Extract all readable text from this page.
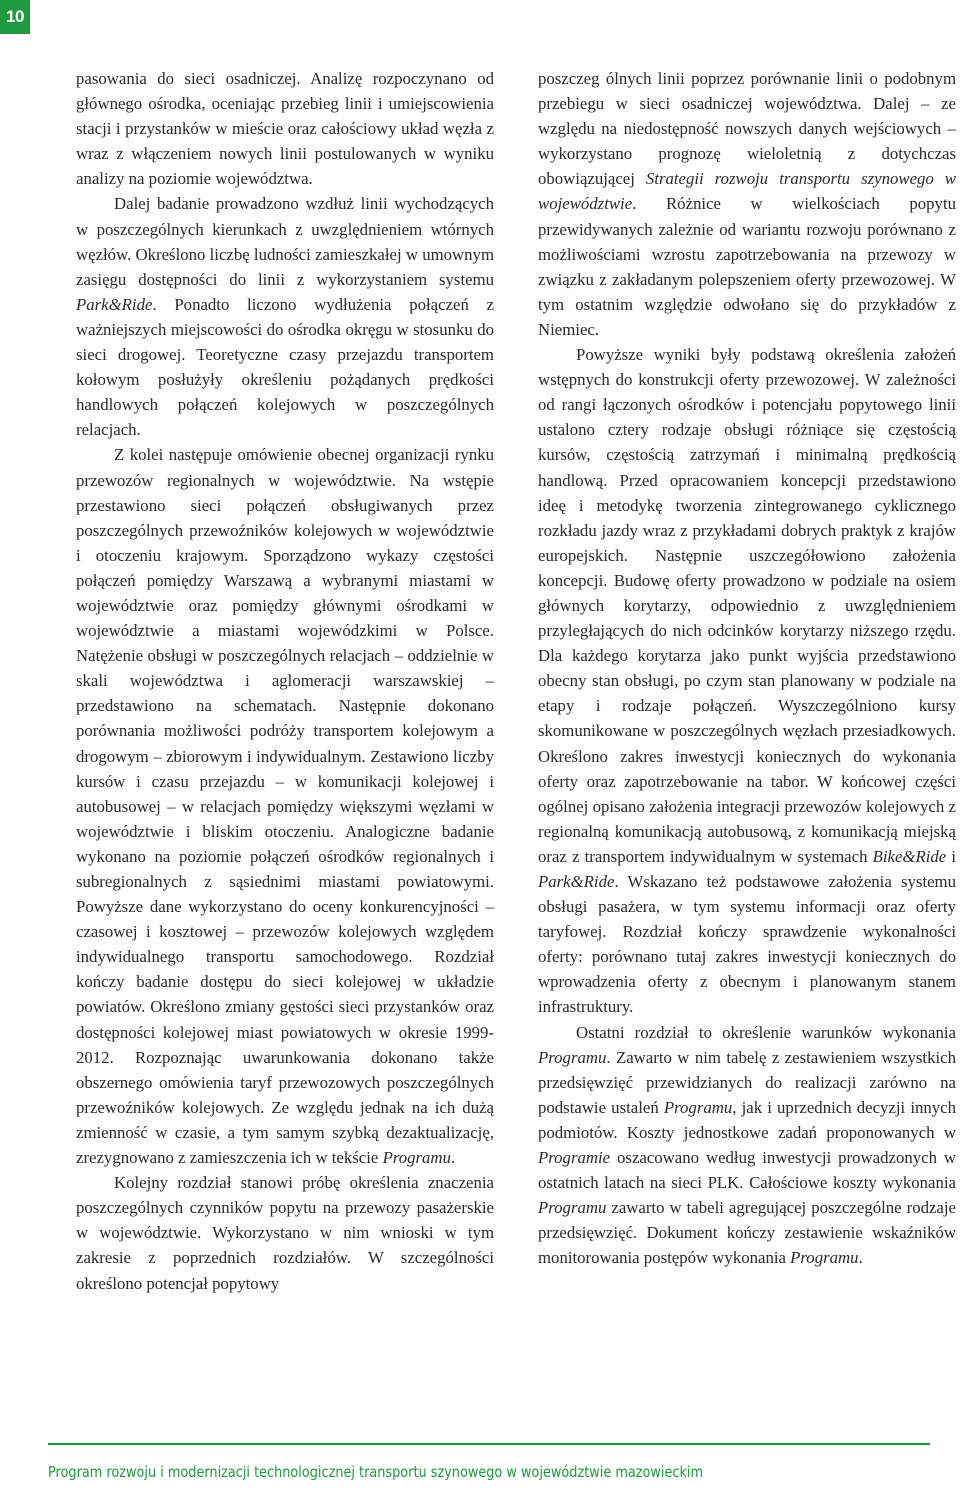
10

pasowania do sieci osadniczej. Analizę rozpoczynano od głównego ośrodka, oceniając przebieg linii i umiejscowienia stacji i przystanków w mieście oraz całościowy układ węzła z wraz z włączeniem nowych linii postulowanych w wyniku analizy na poziomie województwa.

Dalej badanie prowadzono wzdłuż linii wychodzących w poszczególnych kierunkach z uwzględnieniem wtórnych węzłów. Określono liczbę ludności zamieszkałej w umownym zasięgu dostępności do linii z wykorzystaniem systemu Park&Ride. Ponadto liczono wydłużenia połączeń z ważniejszych miejscowości do ośrodka okręgu w stosunku do sieci drogowej. Teoretyczne czasy przejazdu transportem kołowym posłużyły określeniu pożądanych prędkości handlowych połączeń kolejowych w poszczególnych relacjach.

Z kolei następuje omówienie obecnej organizacji rynku przewozów regionalnych w województwie. Na wstępie przestawiono sieci połączeń obsługiwanych przez poszczególnych przewoźników kolejowych w województwie i otoczeniu krajowym. Sporządzono wykazy częstości połączeń pomiędzy Warszawą a wybranymi miastami w województwie oraz pomiędzy głównymi ośrodkami w województwie a miastami wojewódzkimi w Polsce. Natężenie obsługi w poszczególnych relacjach – oddzielnie w skali województwa i aglomeracji warszawskiej – przedstawiono na schematach. Następnie dokonano porównania możliwości podróży transportem kolejowym a drogowym – zbiorowym i indywidualnym. Zestawiono liczby kursów i czasu przejazdu – w komunikacji kolejowej i autobusowej – w relacjach pomiędzy większymi węzłami w województwie i bliskim otoczeniu. Analogiczne badanie wykonano na poziomie połączeń ośrodków regionalnych i subregionalnych z sąsiednimi miastami powiatowymi. Powyższe dane wykorzystano do oceny konkurencyjności – czasowej i kosztowej – przewozów kolejowych względem indywidualnego transportu samochodowego. Rozdział kończy badanie dostępu do sieci kolejowej w układzie powiatów. Określono zmiany gęstości sieci przystanków oraz dostępności kolejowej miast powiatowych w okresie 1999-2012. Rozpoznając uwarunkowania dokonano także obszernego omówienia taryf przewozowych poszczególnych przewoźników kolejowych. Ze względu jednak na ich dużą zmienność w czasie, a tym samym szybką dezaktualizację, zrezygnowano z zamieszczenia ich w tekście Programu.

Kolejny rozdział stanowi próbę określenia znaczenia poszczególnych czynników popytu na przewozy pasażerskie w województwie. Wykorzystano w nim wnioski w tym zakresie z poprzednich rozdziałów. W szczególności określono potencjał popytowy

poszczeg ólnych linii poprzez porównanie linii o podobnym przebiegu w sieci osadniczej województwa. Dalej – ze względu na niedostępność nowszych danych wejściowych – wykorzystano prognozę wieloletnią z dotychczas obowiązującej Strategii rozwoju transportu szynowego w województwie. Różnice w wielkościach popytu przewidywanych zależnie od wariantu rozwoju porównano z możliwościami wzrostu zapotrzebowania na przewozy w związku z zakładanym polepszeniem oferty przewozowej. W tym ostatnim względzie odwołano się do przykładów z Niemiec.

Powyższe wyniki były podstawą określenia założeń wstępnych do konstrukcji oferty przewozowej. W zależności od rangi łączonych ośrodków i potencjału popytowego linii ustalono cztery rodzaje obsługi różniące się częstością kursów, częstością zatrzymań i minimalną prędkością handlową. Przed opracowaniem koncepcji przedstawiono ideę i metodykę tworzenia zintegrowanego cyklicznego rozkładu jazdy wraz z przykładami dobrych praktyk z krajów europejskich. Następnie uszczegółowiono założenia koncepcji. Budowę oferty prowadzono w podziale na osiem głównych korytarzy, odpowiednio z uwzględnieniem przyległających do nich odcinków korytarzy niższego rzędu. Dla każdego korytarza jako punkt wyjścia przedstawiono obecny stan obsługi, po czym stan planowany w podziale na etapy i rodzaje połączeń. Wyszczególniono kursy skomunikowane w poszczególnych węzłach przesiadkowych. Określono zakres inwestycji koniecznych do wykonania oferty oraz zapotrzebowanie na tabor. W końcowej części ogólnej opisano założenia integracji przewozów kolejowych z regionalną komunikacją autobusową, z komunikacją miejską oraz z transportem indywidualnym w systemach Bike&Ride i Park&Ride. Wskazano też podstawowe założenia systemu obsługi pasażera, w tym systemu informacji oraz oferty taryfowej. Rozdział kończy sprawdzenie wykonalności oferty: porównano tutaj zakres inwestycji koniecznych do wprowadzenia oferty z obecnym i planowanym stanem infrastruktury.

Ostatni rozdział to określenie warunków wykonania Programu. Zawarto w nim tabelę z zestawieniem wszystkich przedsięwzięć przewidzianych do realizacji zarówno na podstawie ustaleń Programu, jak i uprzednich decyzji innych podmiotów. Koszty jednostkowe zadań proponowanych w Programie oszacowano według inwestycji prowadzonych w ostatnich latach na sieci PLK. Całościowe koszty wykonania Programu zawarto w tabeli agregującej poszczególne rodzaje przedsięwzięć. Dokument kończy zestawienie wskaźników monitorowania postępów wykonania Programu.

Program rozwoju i modernizacji technologicznej transportu szynowego w województwie mazowieckim
